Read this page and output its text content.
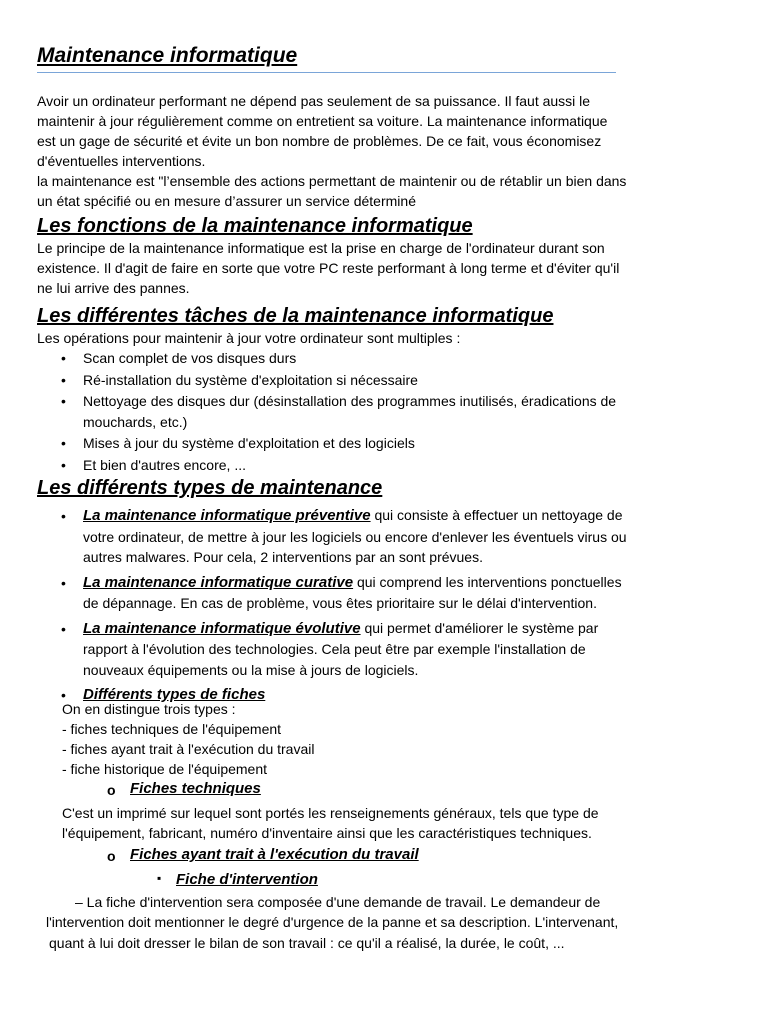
Maintenance informatique

Avoir un ordinateur performant ne dépend pas seulement de sa puissance. Il faut aussi le

maintenir à jour régulièrement comme on entretient sa voiture. La maintenance informatique

est un gage de sécurité et évite un bon nombre de problèmes. De ce fait, vous économisez

d'éventuelles interventions.

la maintenance est "l’ensemble des actions permettant de maintenir ou de rétablir un bien dans

un état spécifié ou en mesure d’assurer un service déterminé

Les fonctions de la maintenance informatique

Le principe de la maintenance informatique est la prise en charge de l'ordinateur durant son

existence. Il d'agit de faire en sorte que votre PC reste performant à long terme et d'éviter qu'il

ne lui arrive des pannes.

Les différentes tâches de la maintenance informatique

Les opérations pour maintenir à jour votre ordinateur sont multiples :

• Scan complet de vos disques durs
• Ré-installation du système d'exploitation si nécessaire
• Nettoyage des disques dur (désinstallation des programmes inutilisés, éradications de
mouchards, etc.)
• Mises à jour du système d'exploitation et des logiciels
• Et bien d'autres encore, ...
Les différents types de maintenance
• La maintenance informatique préventive qui consiste à effectuer un nettoyage de
votre ordinateur, de mettre à jour les logiciels ou encore d'enlever les éventuels virus ou
autres malwares. Pour cela, 2 interventions par an sont prévues.
• La maintenance informatique curative qui comprend les interventions ponctuelles
de dépannage. En cas de problème, vous êtes prioritaire sur le délai d'intervention.
• La maintenance informatique évolutive qui permet d'améliorer le système par
rapport à l'évolution des technologies. Cela peut être par exemple l'installation de
nouveaux équipements ou la mise à jours de logiciels.
• Différents types de fiches
On en distingue trois types :
- fiches techniques de l'équipement
- fiches ayant trait à l'exécution du travail
- fiche historique de l'équipement
o Fiches techniques
C'est un imprimé sur lequel sont portés les renseignements généraux, tels que type de
l'équipement, fabricant, numéro d'inventaire ainsi que les caractéristiques techniques.
o Fiches ayant trait à l'exécution du travail
▪ Fiche d'intervention
– La fiche d'intervention sera composée d'une demande de travail. Le demandeur de
l'intervention doit mentionner le degré d'urgence de la panne et sa description. L'intervenant,
quant à lui doit dresser le bilan de son travail : ce qu'il a réalisé, la durée, le coût, ...
